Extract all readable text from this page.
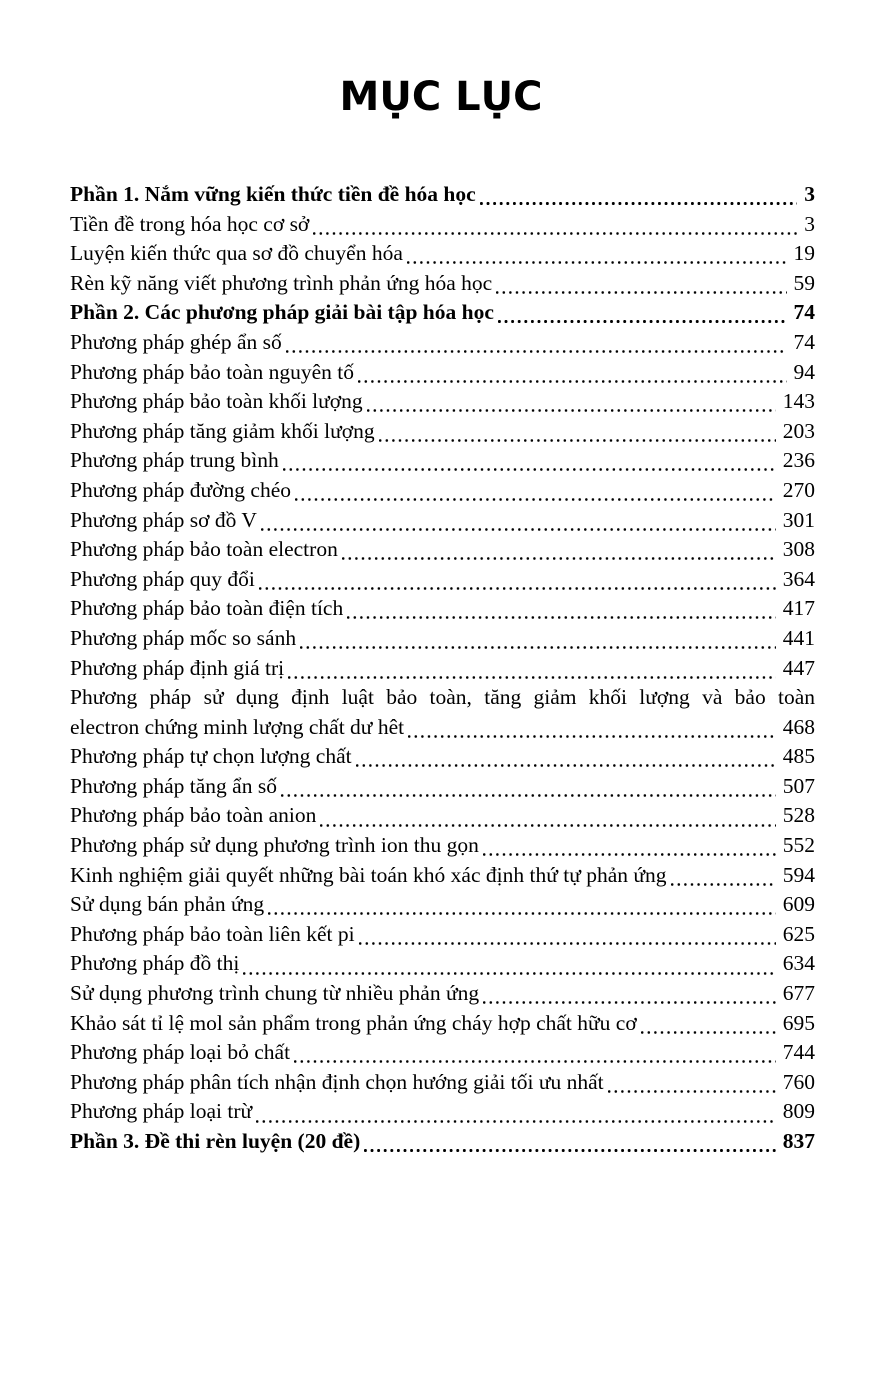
MỤC LỤC
Phần 1. Nắm vững kiến thức tiền đề hóa học	3
Tiền đề trong hóa học cơ sở	3
Luyện kiến thức qua sơ đồ chuyển hóa	19
Rèn kỹ năng viết phương trình phản ứng hóa học	59
Phần 2. Các phương pháp giải bài tập hóa học	74
Phương pháp ghép ẩn số	74
Phương pháp bảo toàn nguyên tố	94
Phương pháp bảo toàn khối lượng	143
Phương pháp tăng giảm khối lượng	203
Phương pháp trung bình	236
Phương pháp đường chéo	270
Phương pháp sơ đồ V	301
Phương pháp bảo toàn electron	308
Phương pháp quy đổi	364
Phương pháp bảo toàn điện tích	417
Phương pháp mốc so sánh	441
Phương pháp định giá trị	447
Phương pháp sử dụng định luật bảo toàn, tăng giảm khối lượng và bảo toàn
electron chứng minh lượng chất dư hêt	468
Phương pháp tự chọn lượng chất	485
Phương pháp tăng ẩn số	507
Phương pháp bảo toàn anion	528
Phương pháp sử dụng phương trình ion thu gọn	552
Kinh nghiệm giải quyết những bài toán khó xác định thứ tự phản ứng	594
Sử dụng bán phản ứng	609
Phương pháp bảo toàn liên kết pi	625
Phương pháp đồ thị	634
Sử dụng phương trình chung từ nhiều phản ứng	677
Khảo sát tỉ lệ mol sản phẩm trong phản ứng cháy hợp chất hữu cơ	695
Phương pháp loại bỏ chất	744
Phương pháp phân tích nhận định chọn hướng giải tối ưu nhất	760
Phương pháp loại trừ	809
Phần 3. Đề thi rèn luyện (20 đề)	837
